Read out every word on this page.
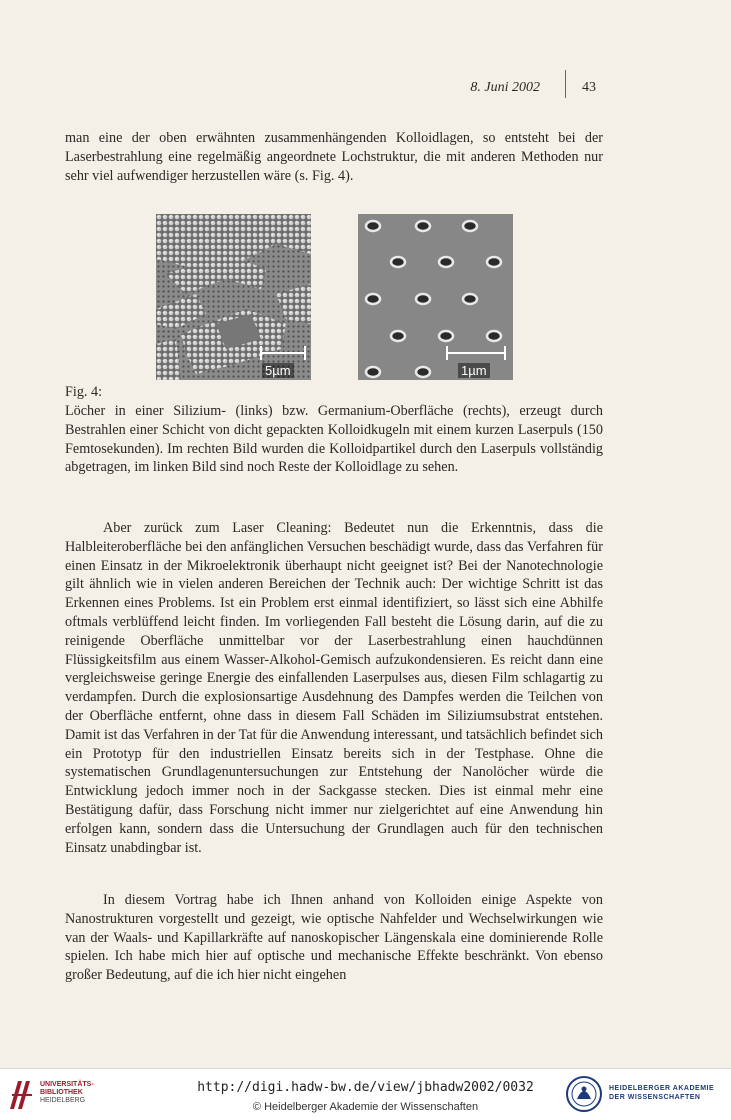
8. Juni 2002	43

man eine der oben erwähnten zusammenhängenden Kolloidlagen, so entsteht bei der Laserbestrahlung eine regelmäßig angeordnete Lochstruktur, die mit anderen Methoden nur sehr viel aufwendiger herzustellen wäre (s. Fig. 4).

5µm	1µm

Fig. 4:

Löcher in einer Silizium- (links) bzw. Germanium-Oberfläche (rechts), erzeugt durch Bestrahlen einer Schicht von dicht gepackten Kolloidkugeln mit einem kurzen Laserpuls (150 Femtosekunden). Im rechten Bild wurden die Kolloidpartikel durch den Laserpuls vollständig abgetragen, im linken Bild sind noch Reste der Kolloidlage zu sehen.

Aber zurück zum Laser Cleaning: Bedeutet nun die Erkenntnis, dass die Halbleiteroberfläche bei den anfänglichen Versuchen beschädigt wurde, dass das Verfahren für einen Einsatz in der Mikroelektronik überhaupt nicht geeignet ist? Bei der Nanotechnologie gilt ähnlich wie in vielen anderen Bereichen der Technik auch: Der wichtige Schritt ist das Erkennen eines Problems. Ist ein Problem erst einmal identifiziert, so lässt sich eine Abhilfe oftmals verblüffend leicht finden. Im vorliegenden Fall besteht die Lösung darin, auf die zu reinigende Oberfläche unmittelbar vor der Laserbestrahlung einen hauchdünnen Flüssigkeitsfilm aus einem Wasser-Alkohol-Gemisch aufzukondensieren. Es reicht dann eine vergleichsweise geringe Energie des einfallenden Laserpulses aus, diesen Film schlagartig zu verdampfen. Durch die explosionsartige Ausdehnung des Dampfes werden die Teilchen von der Oberfläche entfernt, ohne dass in diesem Fall Schäden im Siliziumsubstrat entstehen. Damit ist das Verfahren in der Tat für die Anwendung interessant, und tatsächlich befindet sich ein Prototyp für den industriellen Einsatz bereits sich in der Testphase. Ohne die systematischen Grundlagenuntersuchungen zur Entstehung der Nanolöcher würde die Entwicklung jedoch immer noch in der Sackgasse stecken. Dies ist einmal mehr eine Bestätigung dafür, dass Forschung nicht immer nur zielgerichtet auf eine Anwendung hin erfolgen kann, sondern dass die Untersuchung der Grundlagen auch für den technischen Einsatz unabdingbar ist.

In diesem Vortrag habe ich Ihnen anhand von Kolloiden einige Aspekte von Nanostrukturen vorgestellt und gezeigt, wie optische Nahfelder und Wechselwirkungen wie van der Waals- und Kapillarkräfte auf nanoskopischer Längenskala eine dominierende Rolle spielen. Ich habe mich hier auf optische und mechanische Effekte beschränkt. Von ebenso großer Bedeutung, auf die ich hier nicht eingehen

UNIVERSITÄTS-
BIBLIOTHEK
HEIDELBERG
http://digi.hadw-bw.de/view/jbhadw2002/0032
© Heidelberger Akademie der Wissenschaften
HEIDELBERGER AKADEMIE
DER WISSENSCHAFTEN
